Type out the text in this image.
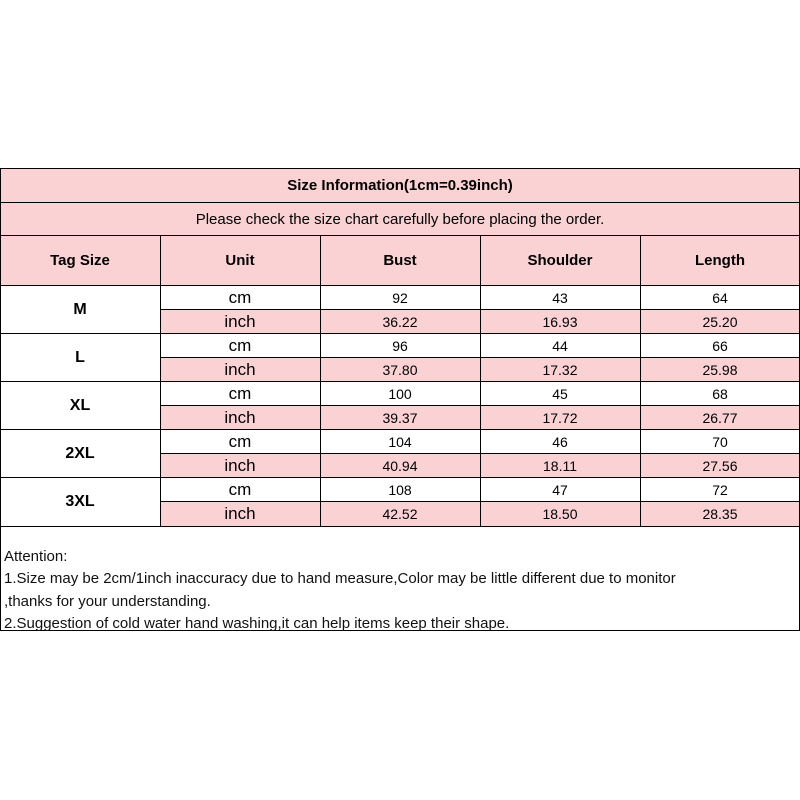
Size Information(1cm=0.39inch)
Please check the size chart carefully before placing the order.
Tag Size	Unit	Bust	Shoulder	Length
M
cm	92	43	64
inch	36.22	16.93	25.20
L
cm	96	44	66
inch	37.80	17.32	25.98
XL
cm	100	45	68
inch	39.37	17.72	26.77
2XL
cm	104	46	70
inch	40.94	18.11	27.56
3XL
cm	108	47	72
inch	42.52	18.50	28.35
Attention:
1.Size may be 2cm/1inch inaccuracy due to hand measure,Color may be little different due to monitor
,thanks for your understanding.
2.Suggestion of cold water hand washing,it can help items keep their shape.
